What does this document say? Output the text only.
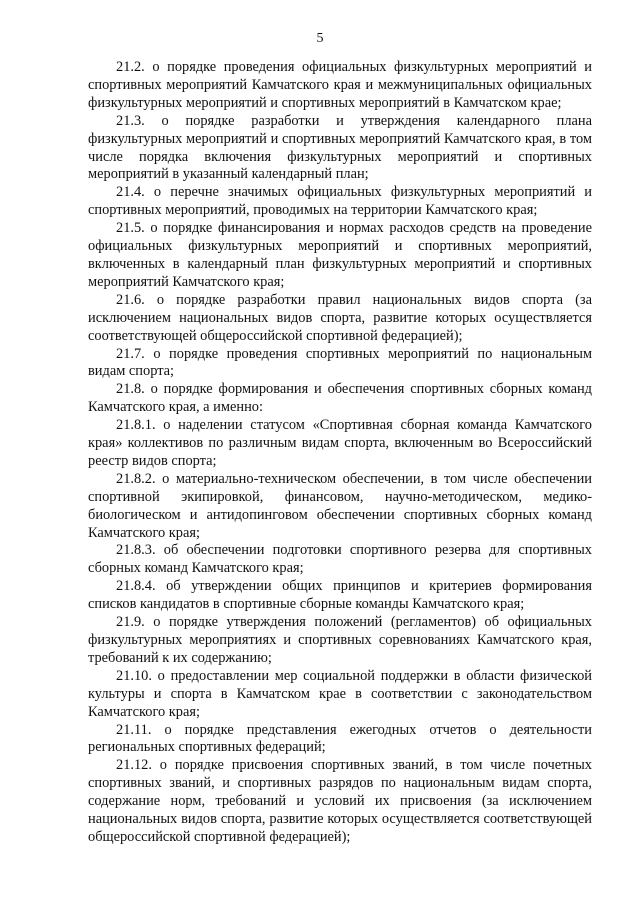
5

21.2. о порядке проведения официальных физкультурных мероприятий и спортивных мероприятий Камчатского края и межмуниципальных официальных физкультурных мероприятий и спортивных мероприятий в Камчатском крае;

21.3. о порядке разработки и утверждения календарного плана физкультурных мероприятий и спортивных мероприятий Камчатского края, в том числе порядка включения физкультурных мероприятий и спортивных мероприятий в указанный календарный план;

21.4. о перечне значимых официальных физкультурных мероприятий и спортивных мероприятий, проводимых на территории Камчатского края;

21.5. о порядке финансирования и нормах расходов средств на проведение официальных физкультурных мероприятий и спортивных мероприятий, включенных в календарный план физкультурных мероприятий и спортивных мероприятий Камчатского края;

21.6. о порядке разработки правил национальных видов спорта (за исключением национальных видов спорта, развитие которых осуществляется соответствующей общероссийской спортивной федерацией);

21.7. о порядке проведения спортивных мероприятий по национальным видам спорта;

21.8. о порядке формирования и обеспечения спортивных сборных команд Камчатского края, а именно:

21.8.1. о наделении статусом «Спортивная сборная команда Камчатского края» коллективов по различным видам спорта, включенным во Всероссийский реестр видов спорта;

21.8.2. о материально-техническом обеспечении, в том числе обеспечении спортивной экипировкой, финансовом, научно-методическом, медико-биологическом и антидопинговом обеспечении спортивных сборных команд Камчатского края;

21.8.3. об обеспечении подготовки спортивного резерва для спортивных сборных команд Камчатского края;

21.8.4. об утверждении общих принципов и критериев формирования списков кандидатов в спортивные сборные команды Камчатского края;

21.9. о порядке утверждения положений (регламентов) об официальных физкультурных мероприятиях и спортивных соревнованиях Камчатского края, требований к их содержанию;

21.10. о предоставлении мер социальной поддержки в области физической культуры и спорта в Камчатском крае в соответствии с законодательством Камчатского края;

21.11. о порядке представления ежегодных отчетов о деятельности региональных спортивных федераций;

21.12. о порядке присвоения спортивных званий, в том числе почетных спортивных званий, и спортивных разрядов по национальным видам спорта, содержание норм, требований и условий их присвоения (за исключением национальных видов спорта, развитие которых осуществляется соответствующей общероссийской спортивной федерацией);
